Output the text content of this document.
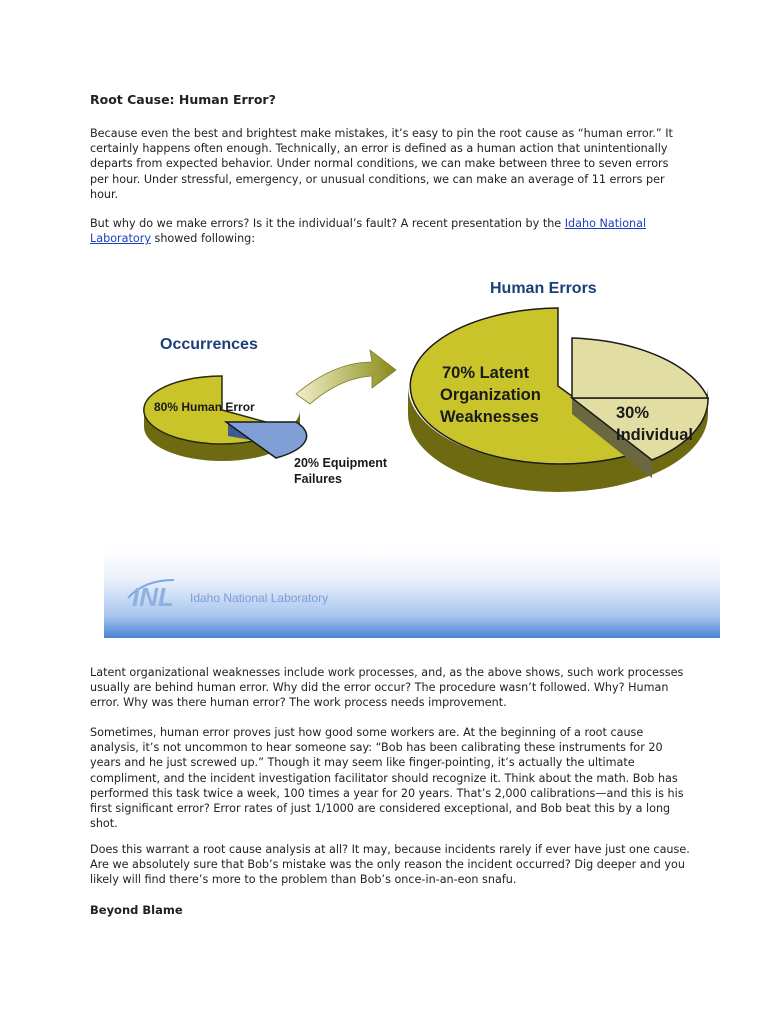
Root Cause: Human Error?

Because even the best and brightest make mistakes, it’s easy to pin the root cause as “human error.” It certainly happens often enough. Technically, an error is defined as a human action that unintentionally departs from expected behavior. Under normal conditions, we can make between three to seven errors per hour. Under stressful, emergency, or unusual conditions, we can make an average of 11 errors per hour.

But why do we make errors? Is it the individual’s fault? A recent presentation by the Idaho National Laboratory showed following:

Occurrences
80% Human Error
20% Equipment
Failures
Human Errors
70% Latent
Organization
Weaknesses	30%
Individual
INL Idaho National Laboratory

Latent organizational weaknesses include work processes, and, as the above shows, such work processes usually are behind human error. Why did the error occur? The procedure wasn’t followed. Why? Human error. Why was there human error? The work process needs improvement.

Sometimes, human error proves just how good some workers are. At the beginning of a root cause analysis, it’s not uncommon to hear someone say: “Bob has been calibrating these instruments for 20 years and he just screwed up.” Though it may seem like finger-pointing, it’s actually the ultimate compliment, and the incident investigation facilitator should recognize it. Think about the math. Bob has performed this task twice a week, 100 times a year for 20 years. That’s 2,000 calibrations—and this is his first significant error? Error rates of just 1/1000 are considered exceptional, and Bob beat this by a long shot.

Does this warrant a root cause analysis at all? It may, because incidents rarely if ever have just one cause. Are we absolutely sure that Bob’s mistake was the only reason the incident occurred? Dig deeper and you likely will find there’s more to the problem than Bob’s once-in-an-eon snafu.

Beyond Blame
